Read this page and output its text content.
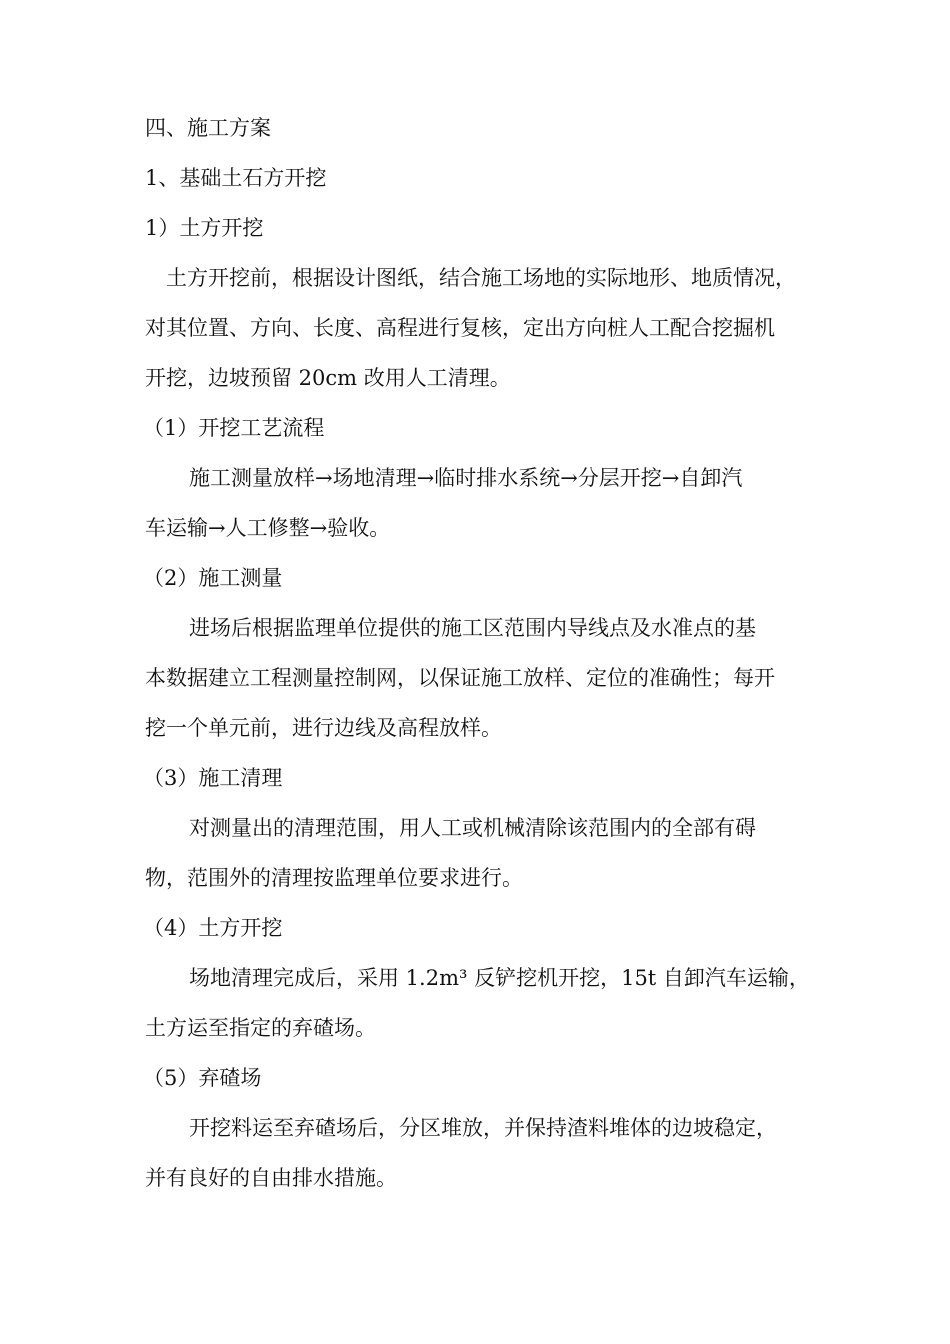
四、施工方案
1、基础土石方开挖
1）土方开挖
土方开挖前，根据设计图纸，结合施工场地的实际地形、地质情况，
对其位置、方向、长度、高程进行复核，定出方向桩人工配合挖掘机
开挖，边坡预留 20cm 改用人工清理。
（1）开挖工艺流程
施工测量放样→场地清理→临时排水系统→分层开挖→自卸汽
车运输→人工修整→验收。
（2）施工测量
进场后根据监理单位提供的施工区范围内导线点及水准点的基
本数据建立工程测量控制网，以保证施工放样、定位的准确性；每开
挖一个单元前，进行边线及高程放样。
（3）施工清理
对测量出的清理范围，用人工或机械清除该范围内的全部有碍
物，范围外的清理按监理单位要求进行。
（4）土方开挖
场地清理完成后，采用 1.2m³ 反铲挖机开挖，15t 自卸汽车运输，
土方运至指定的弃碴场。
（5）弃碴场
开挖料运至弃碴场后，分区堆放，并保持渣料堆体的边坡稳定，
并有良好的自由排水措施。
